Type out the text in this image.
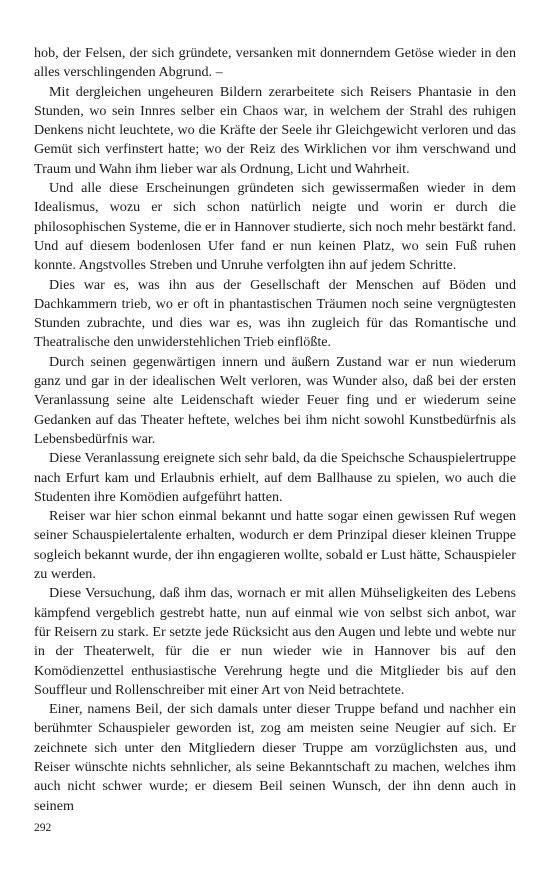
hob, der Felsen, der sich gründete, versanken mit donnerndem Getöse wieder in den alles verschlingenden Abgrund. –

Mit dergleichen ungeheuren Bildern zerarbeitete sich Reisers Phantasie in den Stunden, wo sein Innres selber ein Chaos war, in welchem der Strahl des ruhigen Denkens nicht leuchtete, wo die Kräfte der Seele ihr Gleichgewicht verloren und das Gemüt sich verfinstert hatte; wo der Reiz des Wirklichen vor ihm verschwand und Traum und Wahn ihm lieber war als Ordnung, Licht und Wahrheit.

Und alle diese Erscheinungen gründeten sich gewissermaßen wieder in dem Idealismus, wozu er sich schon natürlich neigte und worin er durch die philosophischen Systeme, die er in Hannover studierte, sich noch mehr bestärkt fand. Und auf diesem bodenlosen Ufer fand er nun keinen Platz, wo sein Fuß ruhen konnte. Angstvolles Streben und Unruhe verfolgten ihn auf jedem Schritte.

Dies war es, was ihn aus der Gesellschaft der Menschen auf Böden und Dachkammern trieb, wo er oft in phantastischen Träumen noch seine vergnügtesten Stunden zubrachte, und dies war es, was ihn zugleich für das Romantische und Theatralische den unwiderstehlichen Trieb einflößte.

Durch seinen gegenwärtigen innern und äußern Zustand war er nun wiederum ganz und gar in der idealischen Welt verloren, was Wunder also, daß bei der ersten Veranlassung seine alte Leidenschaft wieder Feuer fing und er wiederum seine Gedanken auf das Theater heftete, welches bei ihm nicht sowohl Kunstbedürfnis als Lebensbedürfnis war.

Diese Veranlassung ereignete sich sehr bald, da die Speichsche Schauspielertruppe nach Erfurt kam und Erlaubnis erhielt, auf dem Ballhause zu spielen, wo auch die Studenten ihre Komödien aufgeführt hatten.

Reiser war hier schon einmal bekannt und hatte sogar einen gewissen Ruf wegen seiner Schauspielertalente erhalten, wodurch er dem Prinzipal dieser kleinen Truppe sogleich bekannt wurde, der ihn engagieren wollte, sobald er Lust hätte, Schauspieler zu werden.

Diese Versuchung, daß ihm das, wornach er mit allen Mühseligkeiten des Lebens kämpfend vergeblich gestrebt hatte, nun auf einmal wie von selbst sich anbot, war für Reisern zu stark. Er setzte jede Rücksicht aus den Augen und lebte und webte nur in der Theaterwelt, für die er nun wieder wie in Hannover bis auf den Komödienzettel enthusiastische Verehrung hegte und die Mitglieder bis auf den Souffleur und Rollenschreiber mit einer Art von Neid betrachtete.

Einer, namens Beil, der sich damals unter dieser Truppe befand und nachher ein berühmter Schauspieler geworden ist, zog am meisten seine Neugier auf sich. Er zeichnete sich unter den Mitgliedern dieser Truppe am vorzüglichsten aus, und Reiser wünschte nichts sehnlicher, als seine Bekanntschaft zu machen, welches ihm auch nicht schwer wurde; er diesem Beil seinen Wunsch, der ihn denn auch in seinem

292
